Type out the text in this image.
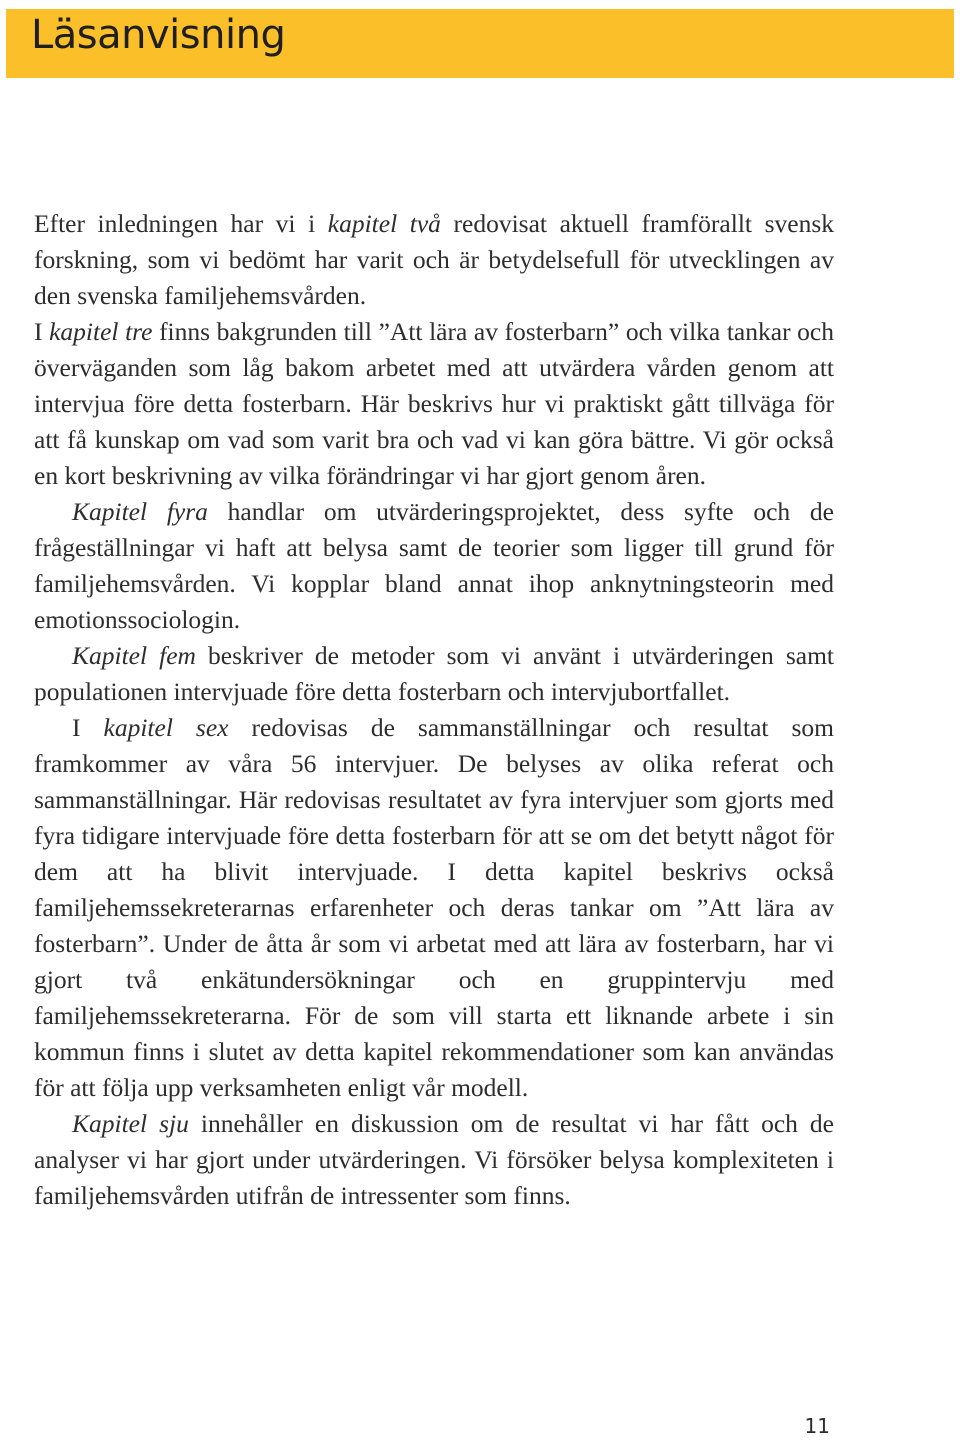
Läsanvisning

Efter inledningen har vi i kapitel två redovisat aktuell framförallt svensk forskning, som vi bedömt har varit och är betydelsefull för utvecklingen av den svenska familjehemsvården.

I kapitel tre finns bakgrunden till ”Att lära av fosterbarn” och vilka tankar och överväganden som låg bakom arbetet med att utvärdera vården genom att intervjua före detta fosterbarn. Här beskrivs hur vi praktiskt gått tillväga för att få kunskap om vad som varit bra och vad vi kan göra bättre. Vi gör också en kort beskrivning av vilka förändringar vi har gjort genom åren.

Kapitel fyra handlar om utvärderingsprojektet, dess syfte och de frågeställningar vi haft att belysa samt de teorier som ligger till grund för familjehemsvården. Vi kopplar bland annat ihop anknytningsteorin med emotionssociologin.

Kapitel fem beskriver de metoder som vi använt i utvärderingen samt populationen intervjuade före detta fosterbarn och intervjubortfallet.

I kapitel sex redovisas de sammanställningar och resultat som framkommer av våra 56 intervjuer. De belyses av olika referat och sammanställningar. Här redovisas resultatet av fyra intervjuer som gjorts med fyra tidigare intervjuade före detta fosterbarn för att se om det betytt något för dem att ha blivit intervjuade. I detta kapitel beskrivs också familjehemssekreterarnas erfarenheter och deras tankar om ”Att lära av fosterbarn”. Under de åtta år som vi arbetat med att lära av fosterbarn, har vi gjort två enkätundersökningar och en gruppintervju med familjehemssekreterarna. För de som vill starta ett liknande arbete i sin kommun finns i slutet av detta kapitel rekommendationer som kan användas för att följa upp verksamheten enligt vår modell.

Kapitel sju innehåller en diskussion om de resultat vi har fått och de analyser vi har gjort under utvärderingen. Vi försöker belysa komplexiteten i familjehemsvården utifrån de intressenter som finns.

11
